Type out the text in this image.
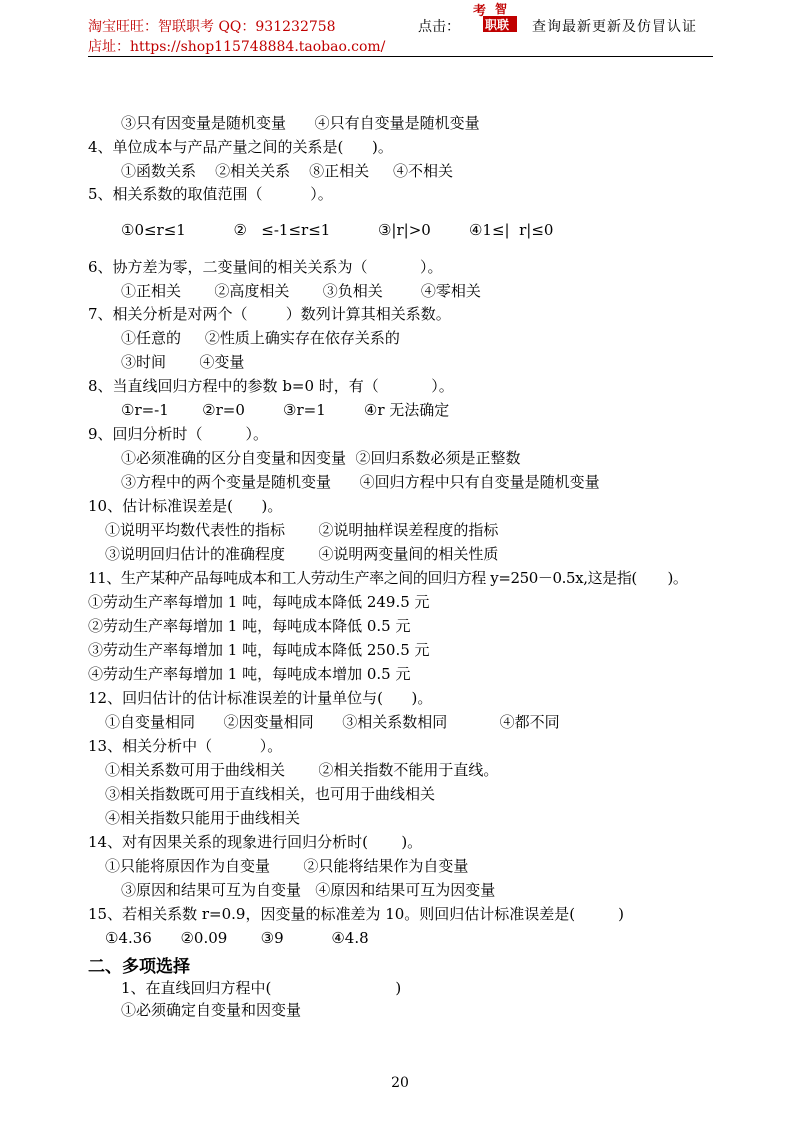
淘宝旺旺：智联职考 QQ：931232758	点击：
考 智
职联 查询最新更新及仿冒认证
店址：https://shop115748884.taobao.com/
③只有因变量是随机变量      ④只有自变量是随机变量
4、单位成本与产品产量之间的关系是(      )。
①函数关系    ②相关关系    ⑧正相关     ④不相关
5、相关系数的取值范围（          ）。
①0≤r≤1          ②   ≤-1≤r≤1          ③|r|>0        ④1≤|  r|≤0
6、协方差为零，二变量间的相关关系为（           ）。
①正相关       ②高度相关       ③负相关        ④零相关
7、相关分析是对两个（        ）数列计算其相关系数。
①任意的     ②性质上确实存在依存关系的
③时间       ④变量
8、当直线回归方程中的参数 b=0 时，有（           ）。
①r=-1       ②r=0        ③r=1        ④r 无法确定
9、回归分析时（         ）。
①必须准确的区分自变量和因变量  ②回归系数必须是正整数
③方程中的两个变量是随机变量      ④回归方程中只有自变量是随机变量
10、估计标准误差是(      )。
①说明平均数代表性的指标       ②说明抽样误差程度的指标
③说明回归估计的准确程度       ④说明两变量间的相关性质
11、生产某种产品每吨成本和工人劳动生产率之间的回归方程 y=250－0.5x,这是指(       )。
①劳动生产率每增加 1 吨，每吨成本降低 249.5 元
②劳动生产率每增加 1 吨，每吨成本降低 0.5 元
③劳动生产率每增加 1 吨，每吨成本降低 250.5 元
④劳动生产率每增加 1 吨，每吨成本增加 0.5 元
12、回归估计的估计标准误差的计量单位与(      )。
①自变量相同      ②因变量相同      ③相关系数相同           ④都不同
13、相关分析中（          ）。
①相关系数可用于曲线相关       ②相关指数不能用于直线。
③相关指数既可用于直线相关，也可用于曲线相关
④相关指数只能用于曲线相关
14、对有因果关系的现象进行回归分析时(       )。
①只能将原因作为自变量       ②只能将结果作为自变量
③原因和结果可互为自变量   ④原因和结果可互为因变量
15、若相关系数 r=0.9，因变量的标准差为 10。则回归估计标准误差是(         )
①4.36      ②0.09       ③9          ④4.8
二、多项选择
1、在直线回归方程中(                          )
①必须确定自变量和因变量
20
